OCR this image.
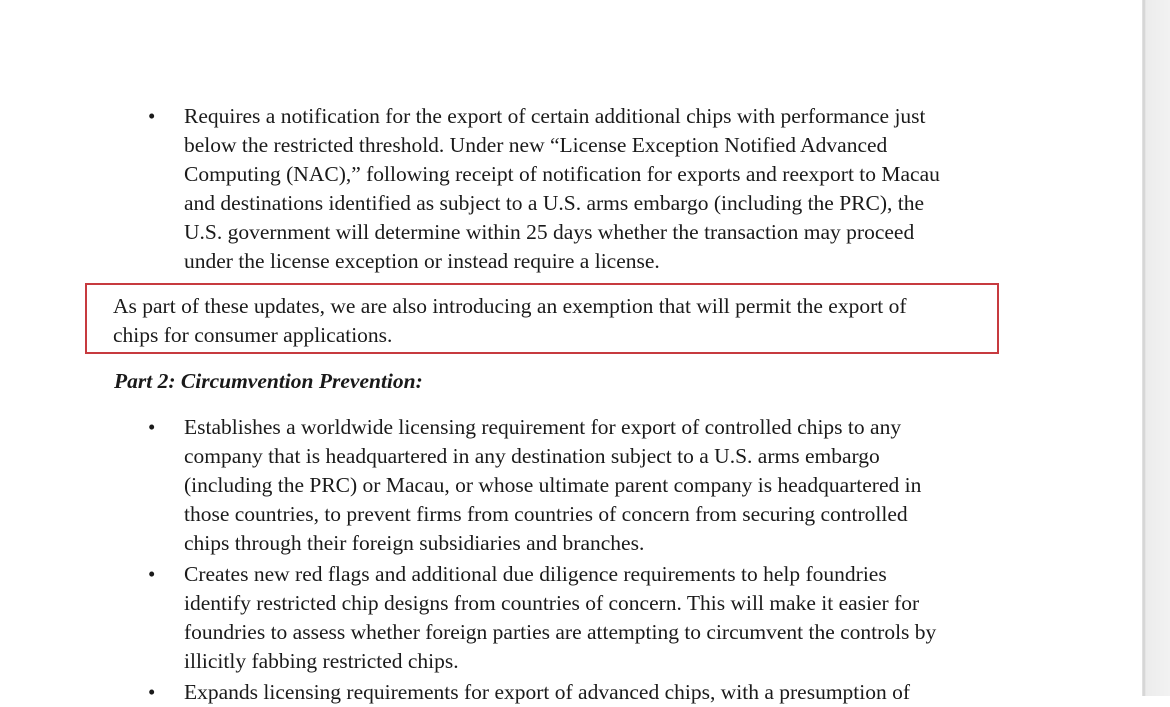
• Requires a notification for the export of certain additional chips with performance just
below the restricted threshold. Under new “License Exception Notified Advanced
Computing (NAC),” following receipt of notification for exports and reexport to Macau
and destinations identified as subject to a U.S. arms embargo (including the PRC), the
U.S. government will determine within 25 days whether the transaction may proceed
under the license exception or instead require a license.
As part of these updates, we are also introducing an exemption that will permit the export of
chips for consumer applications.
Part 2: Circumvention Prevention:
• Establishes a worldwide licensing requirement for export of controlled chips to any
company that is headquartered in any destination subject to a U.S. arms embargo
(including the PRC) or Macau, or whose ultimate parent company is headquartered in
those countries, to prevent firms from countries of concern from securing controlled
chips through their foreign subsidiaries and branches.
• Creates new red flags and additional due diligence requirements to help foundries
identify restricted chip designs from countries of concern. This will make it easier for
foundries to assess whether foreign parties are attempting to circumvent the controls by
illicitly fabbing restricted chips.
• Expands licensing requirements for export of advanced chips, with a presumption of
